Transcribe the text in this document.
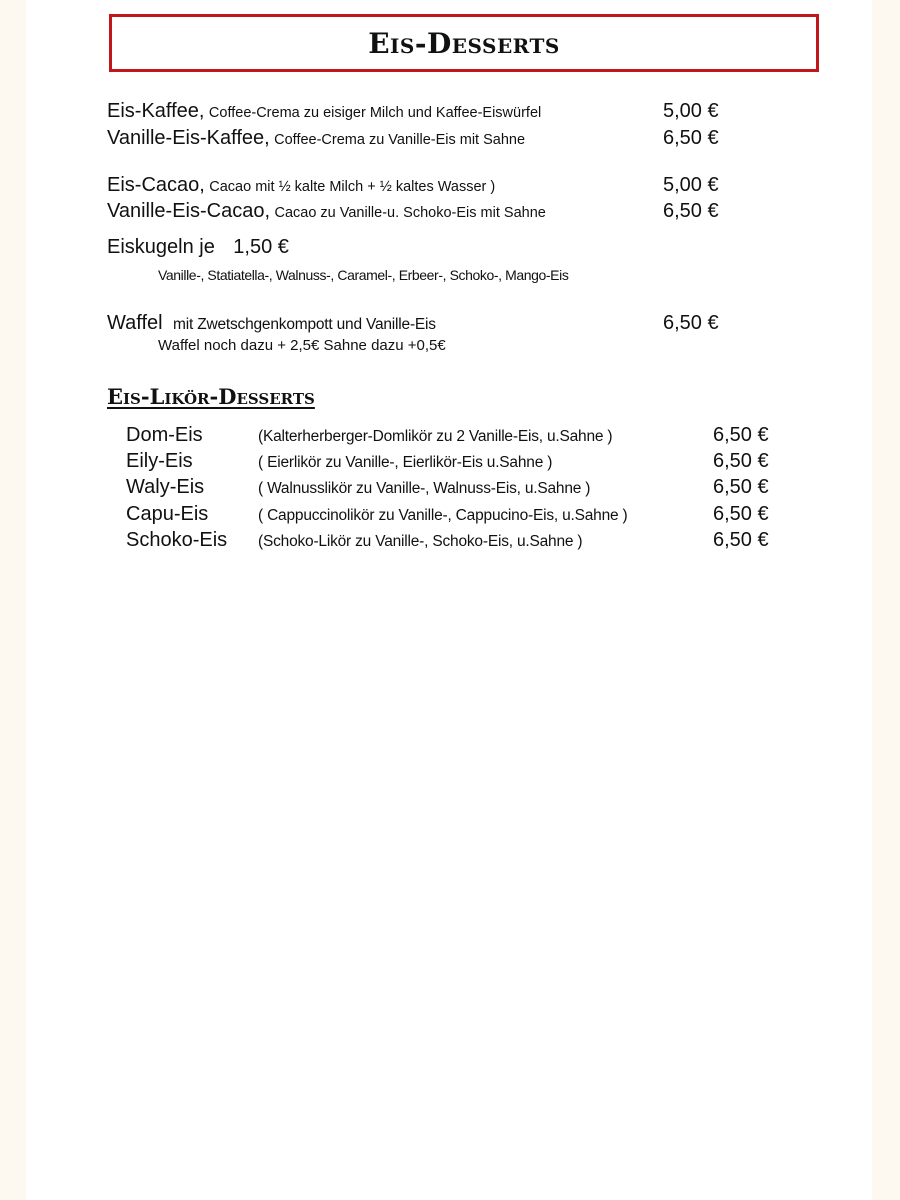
Eis-Desserts
Eis-Kaffee, Coffee-Crema zu eisiger Milch und Kaffee-Eiswürfel	5,00 €
Vanille-Eis-Kaffee, Coffee-Crema zu Vanille-Eis mit Sahne	6,50 €
Eis-Cacao, Cacao mit ½ kalte Milch + ½ kaltes Wasser )	5,00 €
Vanille-Eis-Cacao, Cacao zu Vanille-u. Schoko-Eis mit Sahne	6,50 €
Eiskugeln je 1,50 €
Vanille-, Statiatella-, Walnuss-, Caramel-, Erbeer-, Schoko-, Mango-Eis
Waffel mit Zwetschgenkompott und Vanille-Eis	6,50 €
Waffel noch dazu + 2,5€ Sahne dazu +0,5€
Eis-Likör-Desserts
Dom-Eis	(Kalterherberger-Domlikör zu 2 Vanille-Eis, u.Sahne )	6,50 €
Eily-Eis	( Eierlikör zu Vanille-, Eierlikör-Eis u.Sahne )	6,50 €
Waly-Eis	( Walnusslikör zu Vanille-, Walnuss-Eis, u.Sahne )	6,50 €
Capu-Eis	( Cappuccinolikör zu Vanille-, Cappucino-Eis, u.Sahne )	6,50 €
Schoko-Eis (Schoko-Likör zu Vanille-, Schoko-Eis, u.Sahne )	6,50 €
